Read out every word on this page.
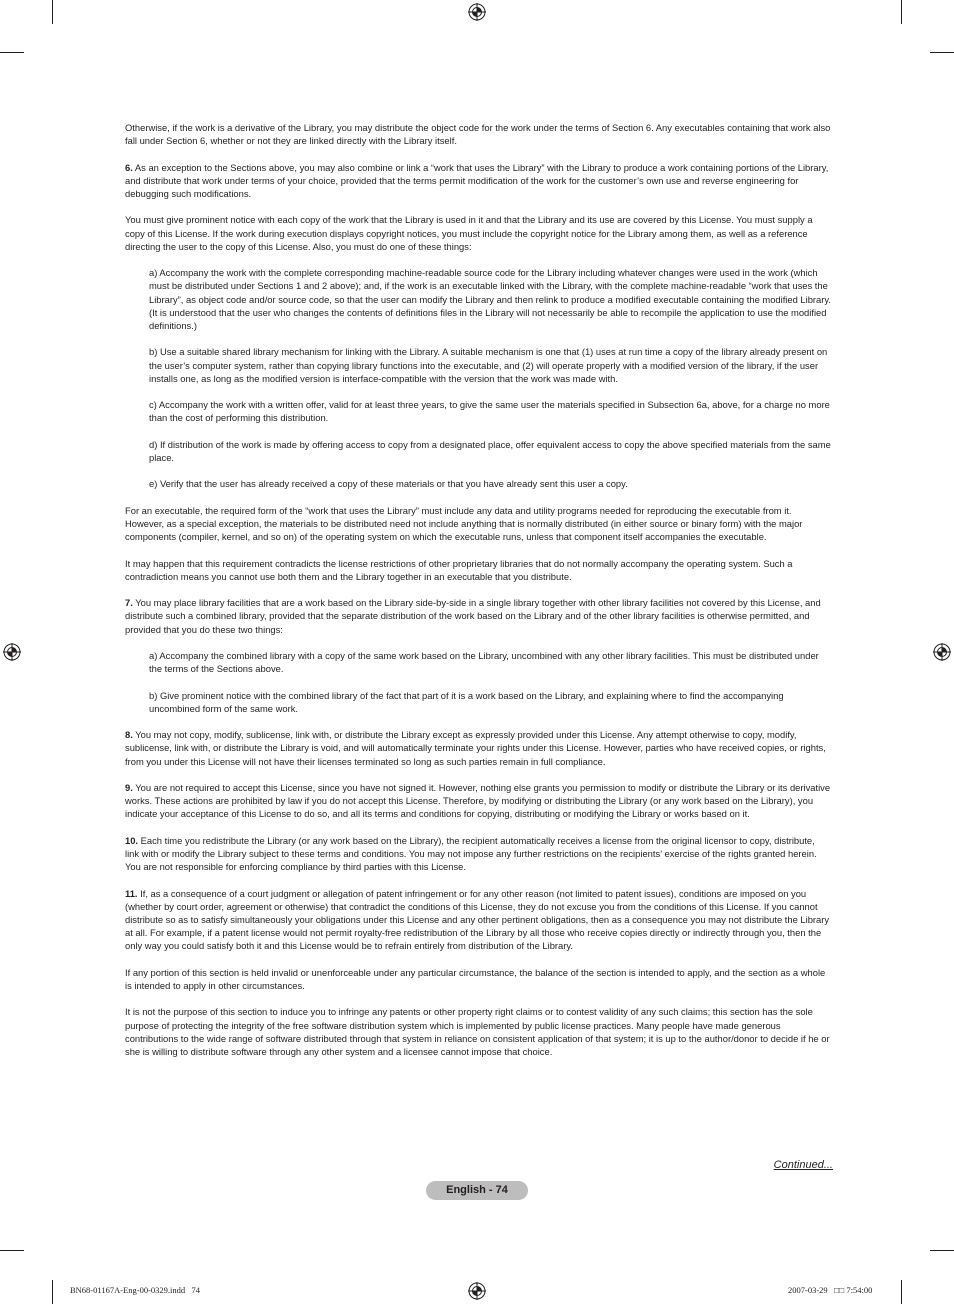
Otherwise, if the work is a derivative of the Library, you may distribute the object code for the work under the terms of Section 6. Any executables containing that work also fall under Section 6, whether or not they are linked directly with the Library itself.

6. As an exception to the Sections above, you may also combine or link a “work that uses the Library” with the Library to produce a work containing portions of the Library, and distribute that work under terms of your choice, provided that the terms permit modification of the work for the customer’s own use and reverse engineering for debugging such modifications.

You must give prominent notice with each copy of the work that the Library is used in it and that the Library and its use are covered by this License. You must supply a copy of this License. If the work during execution displays copyright notices, you must include the copyright notice for the Library among them, as well as a reference directing the user to the copy of this License. Also, you must do one of these things:

a) Accompany the work with the complete corresponding machine-readable source code for the Library including whatever changes were used in the work (which must be distributed under Sections 1 and 2 above); and, if the work is an executable linked with the Library, with the complete machine-readable “work that uses the Library”, as object code and/or source code, so that the user can modify the Library and then relink to produce a modified executable containing the modified Library. (It is understood that the user who changes the contents of definitions files in the Library will not necessarily be able to recompile the application to use the modified definitions.)

b) Use a suitable shared library mechanism for linking with the Library. A suitable mechanism is one that (1) uses at run time a copy of the library already present on the user’s computer system, rather than copying library functions into the executable, and (2) will operate properly with a modified version of the library, if the user installs one, as long as the modified version is interface-compatible with the version that the work was made with.

c) Accompany the work with a written offer, valid for at least three years, to give the same user the materials specified in Subsection 6a, above, for a charge no more than the cost of performing this distribution.

d) If distribution of the work is made by offering access to copy from a designated place, offer equivalent access to copy the above specified materials from the same place.

e) Verify that the user has already received a copy of these materials or that you have already sent this user a copy.

For an executable, the required form of the “work that uses the Library” must include any data and utility programs needed for reproducing the executable from it. However, as a special exception, the materials to be distributed need not include anything that is normally distributed (in either source or binary form) with the major components (compiler, kernel, and so on) of the operating system on which the executable runs, unless that component itself accompanies the executable.

It may happen that this requirement contradicts the license restrictions of other proprietary libraries that do not normally accompany the operating system. Such a contradiction means you cannot use both them and the Library together in an executable that you distribute.

7. You may place library facilities that are a work based on the Library side-by-side in a single library together with other library facilities not covered by this License, and distribute such a combined library, provided that the separate distribution of the work based on the Library and of the other library facilities is otherwise permitted, and provided that you do these two things:

a) Accompany the combined library with a copy of the same work based on the Library, uncombined with any other library facilities. This must be distributed under the terms of the Sections above.

b) Give prominent notice with the combined library of the fact that part of it is a work based on the Library, and explaining where to find the accompanying uncombined form of the same work.

8. You may not copy, modify, sublicense, link with, or distribute the Library except as expressly provided under this License. Any attempt otherwise to copy, modify, sublicense, link with, or distribute the Library is void, and will automatically terminate your rights under this License. However, parties who have received copies, or rights, from you under this License will not have their licenses terminated so long as such parties remain in full compliance.

9. You are not required to accept this License, since you have not signed it. However, nothing else grants you permission to modify or distribute the Library or its derivative works. These actions are prohibited by law if you do not accept this License. Therefore, by modifying or distributing the Library (or any work based on the Library), you indicate your acceptance of this License to do so, and all its terms and conditions for copying, distributing or modifying the Library or works based on it.

10. Each time you redistribute the Library (or any work based on the Library), the recipient automatically receives a license from the original licensor to copy, distribute, link with or modify the Library subject to these terms and conditions. You may not impose any further restrictions on the recipients’ exercise of the rights granted herein. You are not responsible for enforcing compliance by third parties with this License.

11. If, as a consequence of a court judgment or allegation of patent infringement or for any other reason (not limited to patent issues), conditions are imposed on you (whether by court order, agreement or otherwise) that contradict the conditions of this License, they do not excuse you from the conditions of this License. If you cannot distribute so as to satisfy simultaneously your obligations under this License and any other pertinent obligations, then as a consequence you may not distribute the Library at all. For example, if a patent license would not permit royalty-free redistribution of the Library by all those who receive copies directly or indirectly through you, then the only way you could satisfy both it and this License would be to refrain entirely from distribution of the Library.

If any portion of this section is held invalid or unenforceable under any particular circumstance, the balance of the section is intended to apply, and the section as a whole is intended to apply in other circumstances.

It is not the purpose of this section to induce you to infringe any patents or other property right claims or to contest validity of any such claims; this section has the sole purpose of protecting the integrity of the free software distribution system which is implemented by public license practices. Many people have made generous contributions to the wide range of software distributed through that system in reliance on consistent application of that system; it is up to the author/donor to decide if he or she is willing to distribute software through any other system and a licensee cannot impose that choice.

Continued...
English - 74
BN68-01167A-Eng-00-0329.indd   74	2007-03-29   □□ 7:54:00
